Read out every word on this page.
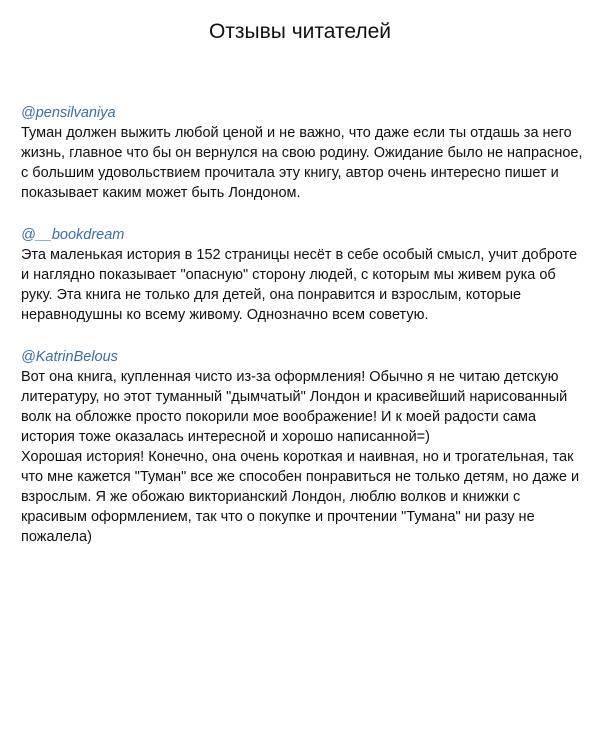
Отзывы читателей
@pensilvaniya

Туман должен выжить любой ценой и не важно, что даже если ты отдашь за него жизнь, главное что бы он вернулся на свою родину. Ожидание было не напрасное, с большим удовольствием прочитала эту книгу, автор очень интересно пишет и показывает каким может быть Лондоном.

@__bookdream

Эта маленькая история в 152 страницы несёт в себе особый смысл, учит доброте и наглядно показывает "опасную" сторону людей, с которым мы живем рука об руку. Эта книга не только для детей, она понравится и взрослым, которые неравнодушны ко всему живому. Однозначно всем советую.

@KatrinBelous

Вот она книга, купленная чисто из-за оформления! Обычно я не читаю детскую литературу, но этот туманный "дымчатый" Лондон и красивейший нарисованный волк на обложке просто покорили мое воображение! И к моей радости сама история тоже оказалась интересной и хорошо написанной=)

Хорошая история! Конечно, она очень короткая и наивная, но и трогательная, так что мне кажется "Туман" все же способен понравиться не только детям, но даже и взрослым. Я же обожаю викторианский Лондон, люблю волков и книжки с красивым оформлением, так что о покупке и прочтении "Тумана" ни разу не пожалела)
